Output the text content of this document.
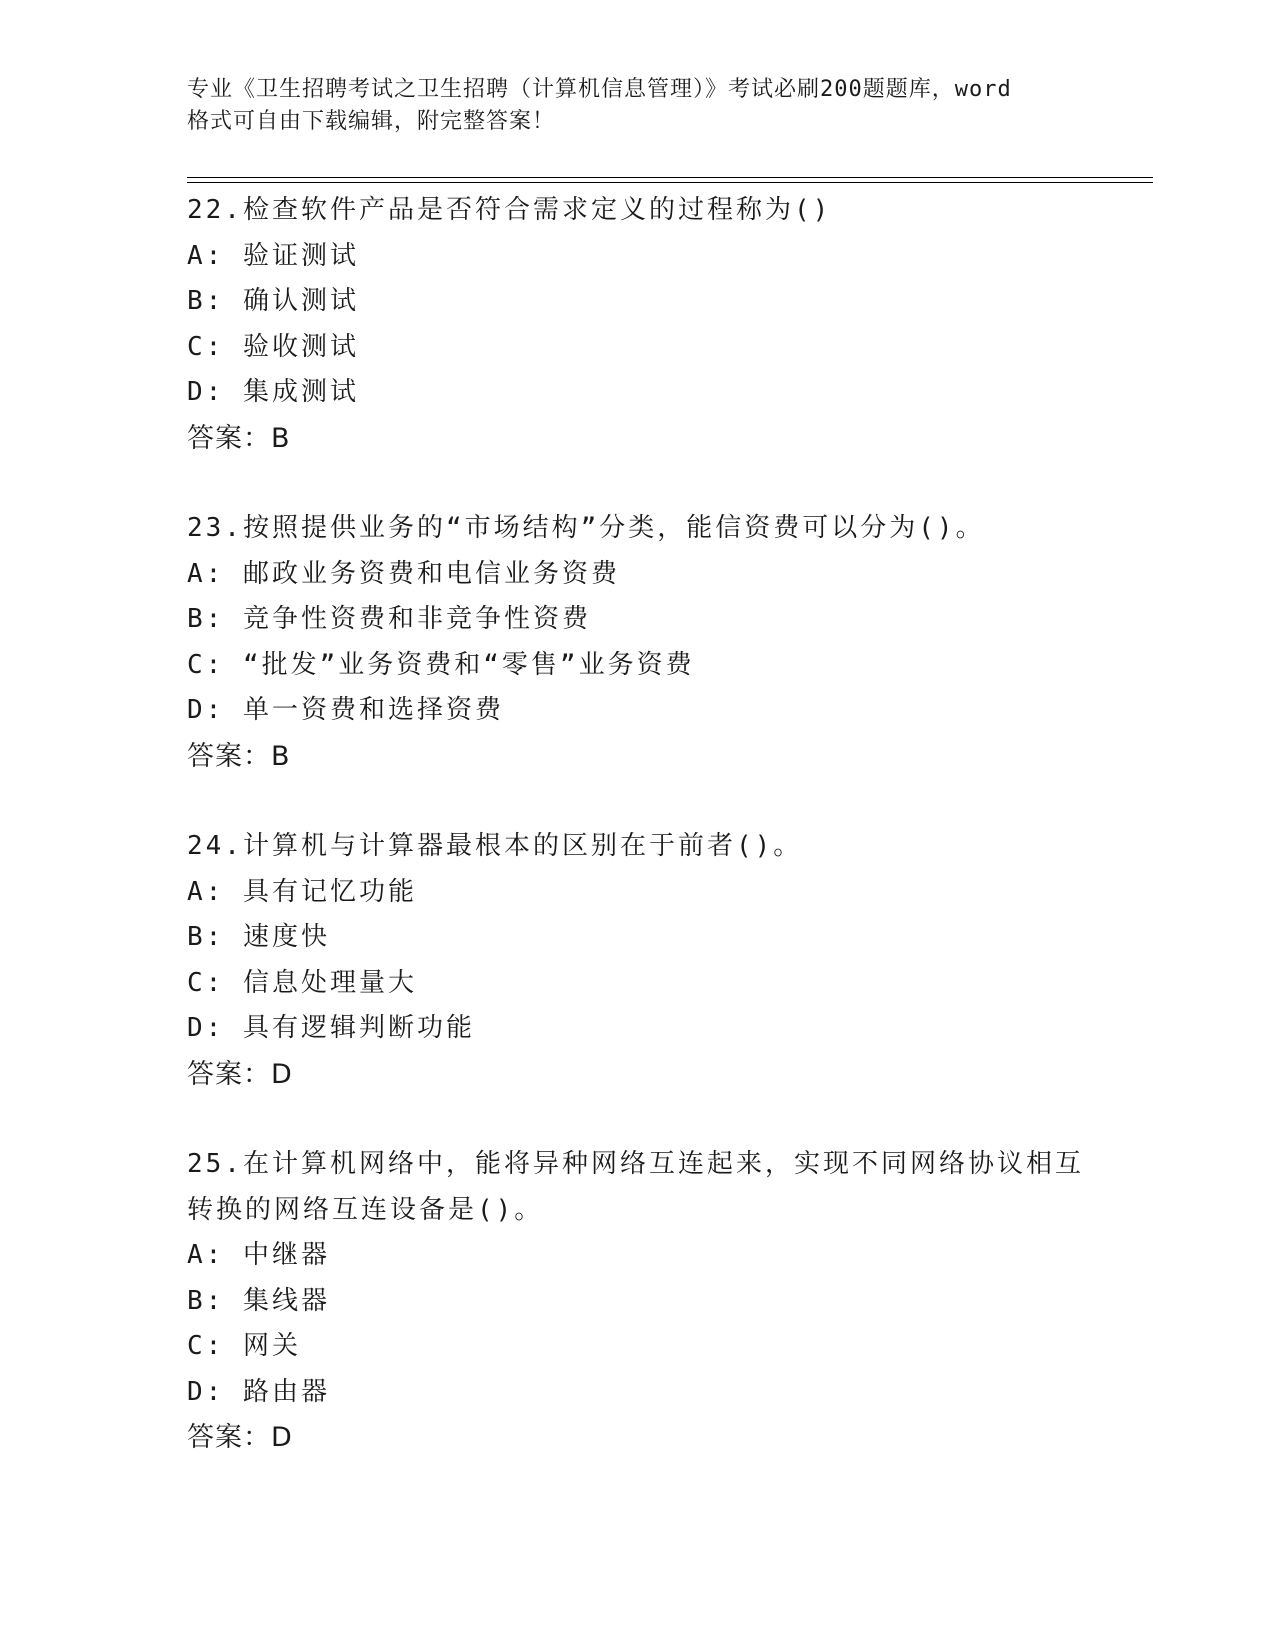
专业《卫生招聘考试之卫生招聘（计算机信息管理）》考试必刷200题题库，word
格式可自由下载编辑，附完整答案！
22.检查软件产品是否符合需求定义的过程称为()
A: 验证测试
B: 确认测试
C: 验收测试
D: 集成测试
答案：B
23.按照提供业务的“市场结构”分类，能信资费可以分为()。
A: 邮政业务资费和电信业务资费
B: 竞争性资费和非竞争性资费
C: “批发”业务资费和“零售”业务资费
D: 单一资费和选择资费
答案：B
24.计算机与计算器最根本的区别在于前者()。
A: 具有记忆功能
B: 速度快
C: 信息处理量大
D: 具有逻辑判断功能
答案：D
25.在计算机网络中，能将异种网络互连起来，实现不同网络协议相互
转换的网络互连设备是()。
A: 中继器
B: 集线器
C: 网关
D: 路由器
答案：D
